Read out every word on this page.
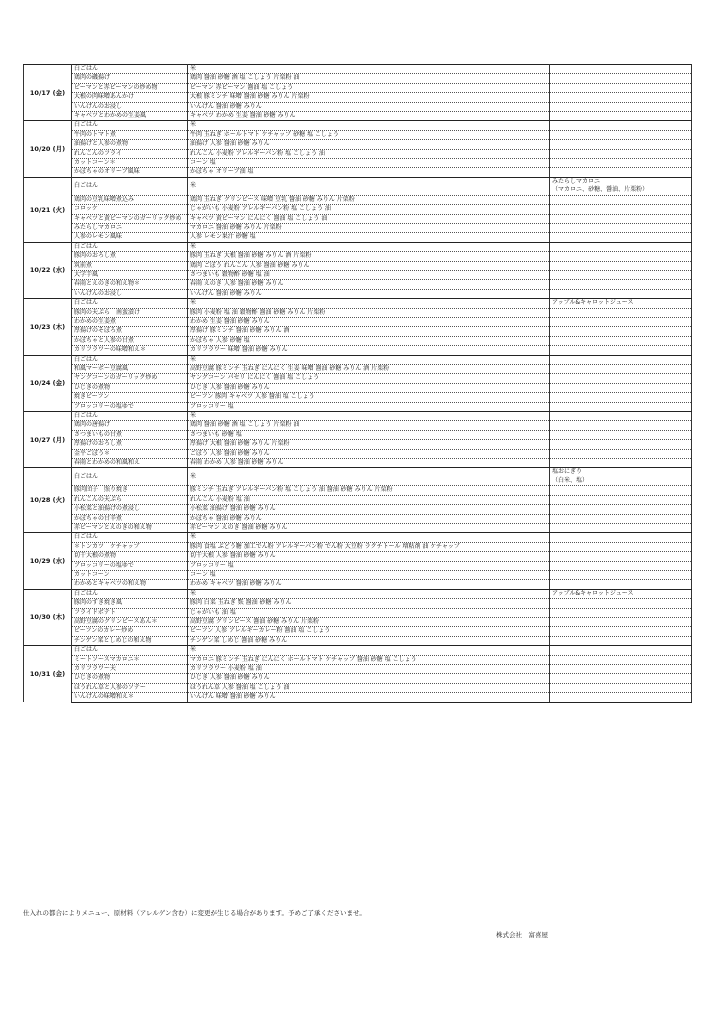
10/17 (金)	白ごはん	米	
	鶏肉の磯揚げ	鶏肉 醤油 砂糖 酒 塩 こしょう 片栗粉 油	
	ピーマンと赤ピーマンの炒め物	ピーマン 赤ピーマン 醤油 塩 こしょう	
	大根の肉味噌あんかけ	大根 豚ミンチ 味噌 醤油 砂糖 みりん 片栗粉	
	いんげんのお浸し	いんげん 醤油 砂糖 みりん	
	キャベツとわかめの生姜風	キャベツ わかめ 生姜 醤油 砂糖 みりん	
10/20 (月)	白ごはん	米	
	牛肉のトマト煮	牛肉 玉ねぎ ホールトマト ケチャップ 砂糖 塩 こしょう	
	油揚げと人参の煮物	油揚げ 人参 醤油 砂糖 みりん	
	れんこんのフライ	れんこん 小麦粉 アレルギーパン粉 塩 こしょう 油	
	カットコーン＊	コーン 塩	
	かぼちゃのオリーブ風味	かぼちゃ オリーブ油 塩	
10/21 (火)	白ごはん	米	みたらしマカロニ
（マカロニ、砂糖、醤油、片栗粉）
	鶏肉の豆乳味噌煮込み	鶏肉 玉ねぎ グリンピース 味噌 豆乳 醤油 砂糖 みりん 片栗粉	
	コロッケ	じゃがいも 小麦粉 アレルギーパン粉 塩 こしょう 油	
	キャベツと黄ピーマンのガーリック炒め	キャベツ 黄ピーマン にんにく 醤油 塩 こしょう 油	
	みたらしマカロニ	マカロニ 醤油 砂糖 みりん 片栗粉	
	人参のレモン風味	人参 レモン果汁 砂糖 塩	
10/22 (水)	白ごはん	米	
	豚肉のおろし煮	豚肉 玉ねぎ 大根 醤油 砂糖 みりん 酒 片栗粉	
	筑前煮	鶏肉 ごぼう れんこん 人参 醤油 砂糖 みりん	
	大学芋風	さつまいも 穀物酢 砂糖 塩 油	
	春雨とえのきの和え物＊	春雨 えのき 人参 醤油 砂糖 みりん	
	いんげんのお浸し	いんげん 醤油 砂糖 みりん	
10/23 (木)	白ごはん	米	アップル&キャロットジュース
	豚肉の天ぷら　南蛮漬け	豚肉 小麦粉 塩 油 穀物酢 醤油 砂糖 みりん 片栗粉	
	わかめの生姜煮	わかめ 生姜 醤油 砂糖 みりん	
	厚揚げのそぼろ煮	厚揚げ 豚ミンチ 醤油 砂糖 みりん 酒	
	かぼちゃと人参の甘煮	かぼちゃ 人参 砂糖 塩	
	カリフラワーの味噌和え＊	カリフラワー 味噌 醤油 砂糖 みりん	
10/24 (金)	白ごはん	米	
	和風マーボー豆腐風	高野豆腐 豚ミンチ 玉ねぎ にんにく 生姜 味噌 醤油 砂糖 みりん 酒 片栗粉	
	ヤングコーンのガーリック炒め	ヤングコーン パセリ にんにく 醤油 塩 こしょう	
	ひじきの煮物	ひじき 人参 醤油 砂糖 みりん	
	焼きピーフン	ピーフン 豚肉 キャベツ 人参 醤油 塩 こしょう	
	ブロッコリーの塩ゆで	ブロッコリー 塩	
10/27 (月)	白ごはん	米	
	鶏肉の唐揚げ	鶏肉 醤油 砂糖 酒 塩 こしょう 片栗粉 油	
	さつまいもの甘煮	さつまいも 砂糖 塩	
	厚揚げのおろし煮	厚揚げ 大根 醤油 砂糖 みりん 片栗粉	
	金平ごぼう＊	ごぼう 人参 醤油 砂糖 みりん	
	春雨とわかめの和風和え	春雨 わかめ 人参 醤油 砂糖 みりん	
10/28 (火)	白ごはん	米	塩おにぎり
（白米、塩）
	豚肉団子　照り焼き	豚ミンチ 玉ねぎ アレルギーパン粉 塩 こしょう 油 醤油 砂糖 みりん 片栗粉	
	れんこんの天ぷら	れんこん 小麦粉 塩 油	
	小松菜と油揚げの煮浸し	小松菜 油揚げ 醤油 砂糖 みりん	
	かぼちゃの甘辛煮	かぼちゃ 醤油 砂糖 みりん	
	赤ピーマンとえのきの和え物	赤ピーマン えのき 醤油 砂糖 みりん	
10/29 (水)	白ごはん	米	
	＊トンカツ　ケチャップ	豚肉 食塩 ぶどう糖 加工でん粉 アレルギーパン粉 でん粉 大豆粉 ラクチトール 増粘剤 油 ケチャップ	
	切干大根の煮物	切干大根 人参 醤油 砂糖 みりん	
	ブロッコリーの塩ゆで	ブロッコリー 塩	
	カットコーン	コーン 塩	
	わかめとキャベツの和え物	わかめ キャベツ 醤油 砂糖 みりん	
10/30 (木)	白ごはん	米	アップル&キャロットジュース
	豚肉のすき焼き風	豚肉 白菜 玉ねぎ 麩 醤油 砂糖 みりん	
	フライドポテト	じゃがいも 油 塩	
	高野豆腐のグリンピースあん＊	高野豆腐 グリンピース 醤油 砂糖 みりん 片栗粉	
	ピーフンのカレー炒め	ピーフン 人参 アレルギーカレー粉 醤油 塩 こしょう	
	チンゲン菜としめじの和え物	チンゲン菜 しめじ 醤油 砂糖 みりん	
10/31 (金)	白ごはん	米	
	ミートソースマカロニ＊	マカロニ 豚ミンチ 玉ねぎ にんにく ホールトマト ケチャップ 醤油 砂糖 塩 こしょう	
	カリフラワー天	カリフラワー 小麦粉 塩 油	
	ひじきの煮物	ひじき 人参 醤油 砂糖 みりん	
	ほうれん草と人参のソテー	ほうれん草 人参 醤油 塩 こしょう 油	
	いんげんの味噌和え＊	いんげん 味噌 醤油 砂糖 みりん	
仕入れの都合によりメニュー、原材料（アレルゲン含む）に変更が生じる場合があります。予めご了承くださいませ。
株式会社　富喜屋
